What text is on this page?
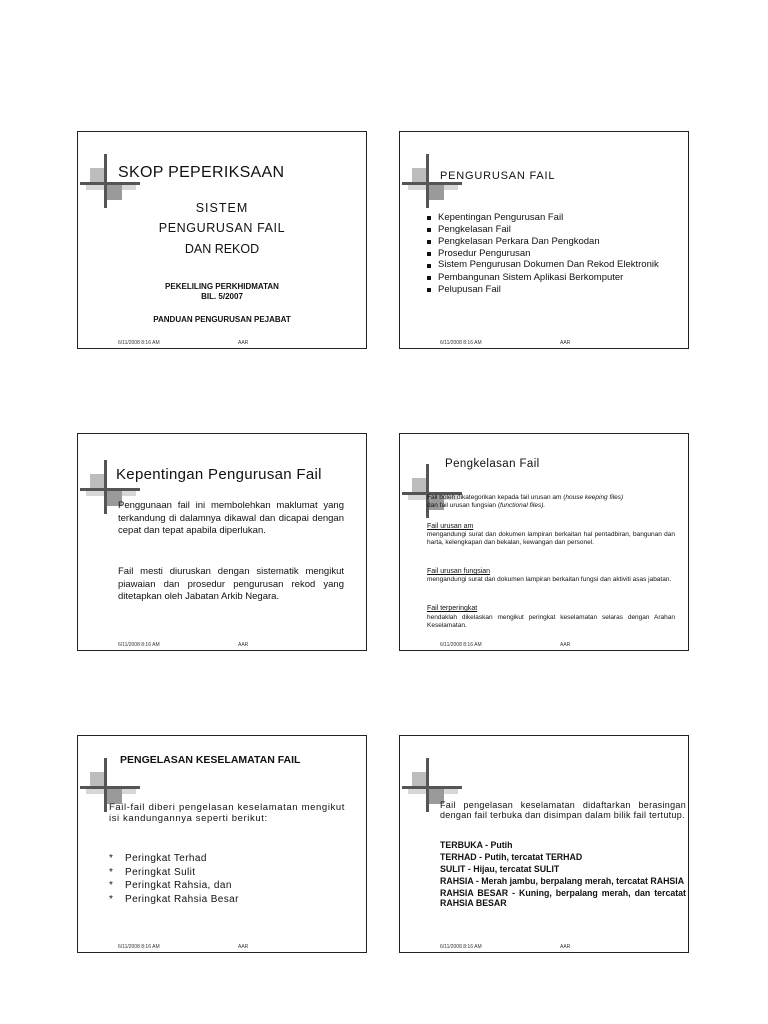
SKOP PEPERIKSAAN
SISTEM
PENGURUSAN FAIL
DAN REKOD
PEKELILING PERKHIDMATAN
BIL. 5/2007
PANDUAN PENGURUSAN PEJABAT
6/11/2008 8:16 AM	AAR
PENGURUSAN FAIL
Kepentingan Pengurusan Fail
Pengkelasan Fail
Pengkelasan Perkara Dan Pengkodan
Prosedur Pengurusan
Sistem Pengurusan Dokumen Dan Rekod Elektronik
Pembangunan Sistem Aplikasi Berkomputer
Pelupusan Fail
6/11/2008 8:16 AM	AAR
Kepentingan Pengurusan Fail
Penggunaan fail ini membolehkan maklumat yang terkandung di dalamnya dikawal dan dicapai dengan cepat dan tepat apabila diperlukan.
Fail mesti diuruskan dengan sistematik mengikut piawaian dan prosedur pengurusan rekod yang ditetapkan oleh Jabatan Arkib Negara.
6/11/2008 8:16 AM	AAR
Pengkelasan Fail
Fail boleh dikategorikan kepada fail urusan am (house keeping files)
dan fail urusan fungsian (functional files).
Fail urusan am
mengandungi surat dan dokumen lampiran berkaitan hal pentadbiran, bangunan dan harta, kelengkapan dan bekalan, kewangan dan personel.
Fail urusan fungsian
mengandungi surat dan dokumen lampiran berkaitan fungsi dan aktiviti asas jabatan.
Fail terperingkat
hendaklah dikelaskan mengikut peringkat keselamatan selaras dengan Arahan Keselamatan.
6/11/2008 8:16 AM	AAR
PENGELASAN KESELAMATAN FAIL
Fail-fail diberi pengelasan keselamatan mengikut isi kandungannya seperti berikut:
* Peringkat Terhad
* Peringkat Sulit
* Peringkat Rahsia, dan
* Peringkat Rahsia Besar
6/11/2008 8:16 AM	AAR
Fail pengelasan keselamatan didaftarkan berasingan dengan fail terbuka dan disimpan dalam bilik fail tertutup.
TERBUKA - Putih
TERHAD - Putih, tercatat TERHAD
SULIT - Hijau, tercatat SULIT
RAHSIA - Merah jambu, berpalang merah, tercatat RAHSIA
RAHSIA BESAR - Kuning, berpalang merah, dan tercatat RAHSIA BESAR
6/11/2008 8:16 AM	AAR
